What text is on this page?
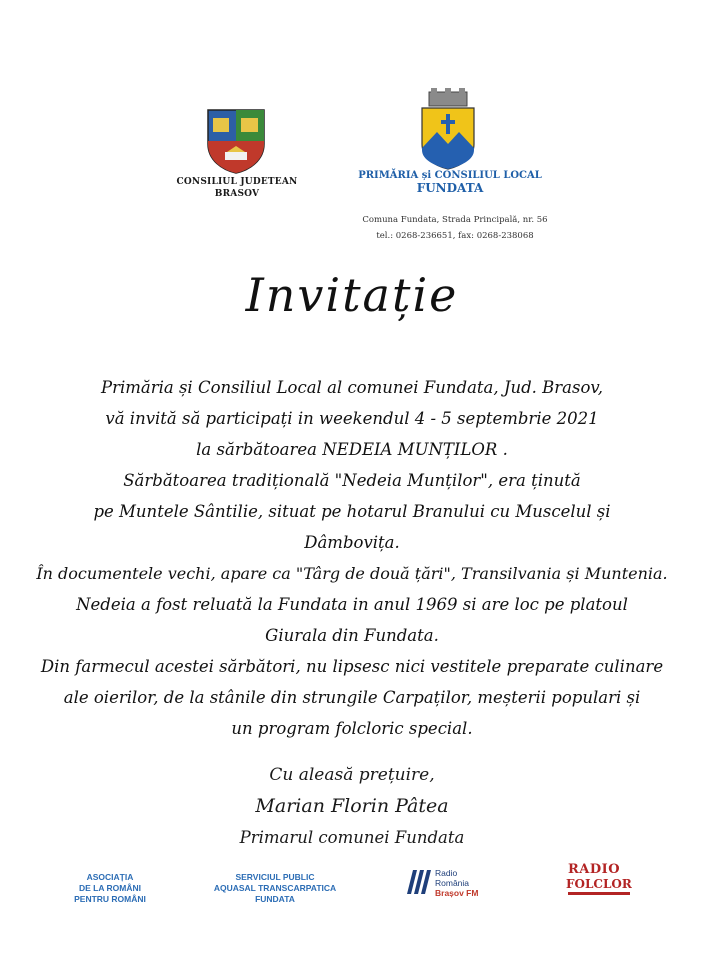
CONSILIUL JUDETEAN
BRASOV
PRIMĂRIA și CONSILIUL LOCAL
FUNDATA
Comuna Fundata, Strada Principală, nr. 56
tel.: 0268-236651, fax: 0268-238068
Invitație
Primăria și Consiliul Local al comunei Fundata, Jud. Brasov,
vă invită să participați in weekendul 4 - 5 septembrie 2021
la sărbătoarea NEDEIA MUNȚILOR .
Sărbătoarea tradițională "Nedeia Munților", era ținută
pe Muntele Sântilie, situat pe hotarul Branului cu Muscelul și
Dâmbovița.
În documentele vechi, apare ca "Târg de două țări", Transilvania și Muntenia.
Nedeia a fost reluată la Fundata in anul 1969 si are loc pe platoul
Giurala din Fundata.
Din farmecul acestei sărbători, nu lipsesc nici vestitele preparate culinare
ale oierilor, de la stânile din strungile Carpaților, meșterii populari și
un program folcloric special.
Cu aleasă prețuire,
Marian Florin Pâtea
Primarul comunei Fundata
ASOCIAȚIA
DE LA ROMÂNI
PENTRU ROMÂNI
SERVICIUL PUBLIC
AQUASAL TRANSCARPATICA
FUNDATA
Radio
România
Brașov FM
RADIO
FOLCLOR
